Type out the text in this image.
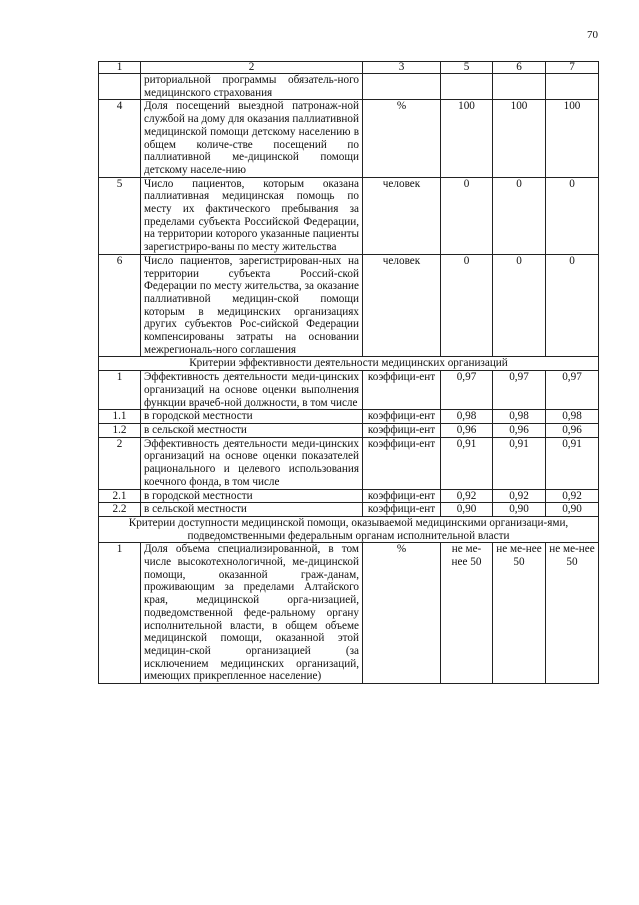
70
1	2	3	5	6	7
	риториальной программы обязатель-ного медицинского страхования				
4	Доля посещений выездной патронаж-ной службой на дому для оказания паллиативной медицинской помощи детскому населению в общем количе-стве посещений по паллиативной ме-дицинской помощи детскому населе-нию	%	100	100	100
5	Число пациентов, которым оказана паллиативная медицинская помощь по месту их фактического пребывания за пределами субъекта Российской Федерации, на территории которого указанные пациенты зарегистриро-ваны по месту жительства	человек	0	0	0
6	Число пациентов, зарегистрирован-ных на территории субъекта Россий-ской Федерации по месту жительства, за оказание паллиативной медицин-ской помощи которым в медицинских организациях других субъектов Рос-сийской Федерации компенсированы затраты на основании межрегиональ-ного соглашения	человек	0	0	0
Критерии эффективности деятельности медицинских организаций					
1	Эффективность деятельности меди-цинских организаций на основе оценки выполнения функции врачеб-ной должности, в том числе	коэффици-ент	0,97	0,97	0,97
1.1	в городской местности	коэффици-ент	0,98	0,98	0,98
1.2	в сельской местности	коэффици-ент	0,96	0,96	0,96
2	Эффективность деятельности меди-цинских организаций на основе оценки показателей рационального и целевого использования коечного фонда, в том числе	коэффици-ент	0,91	0,91	0,91
2.1	в городской местности	коэффици-ент	0,92	0,92	0,92
2.2	в сельской местности	коэффици-ент	0,90	0,90	0,90
Критерии доступности медицинской помощи, оказываемой медицинскими организаци-ями, подведомственными федеральным органам исполнительной власти					
1	Доля объема специализированной, в том числе высокотехнологичной, ме-дицинской помощи, оказанной граж-данам, проживающим за пределами Алтайского края, медицинской орга-низацией, подведомственной феде-ральному органу исполнительной власти, в общем объеме медицинской помощи, оказанной этой медицин-ской организацией (за исключением медицинских организаций, имеющих прикрепленное население)	%	не ме-нее 50	не ме-нее 50	не ме-нее 50
